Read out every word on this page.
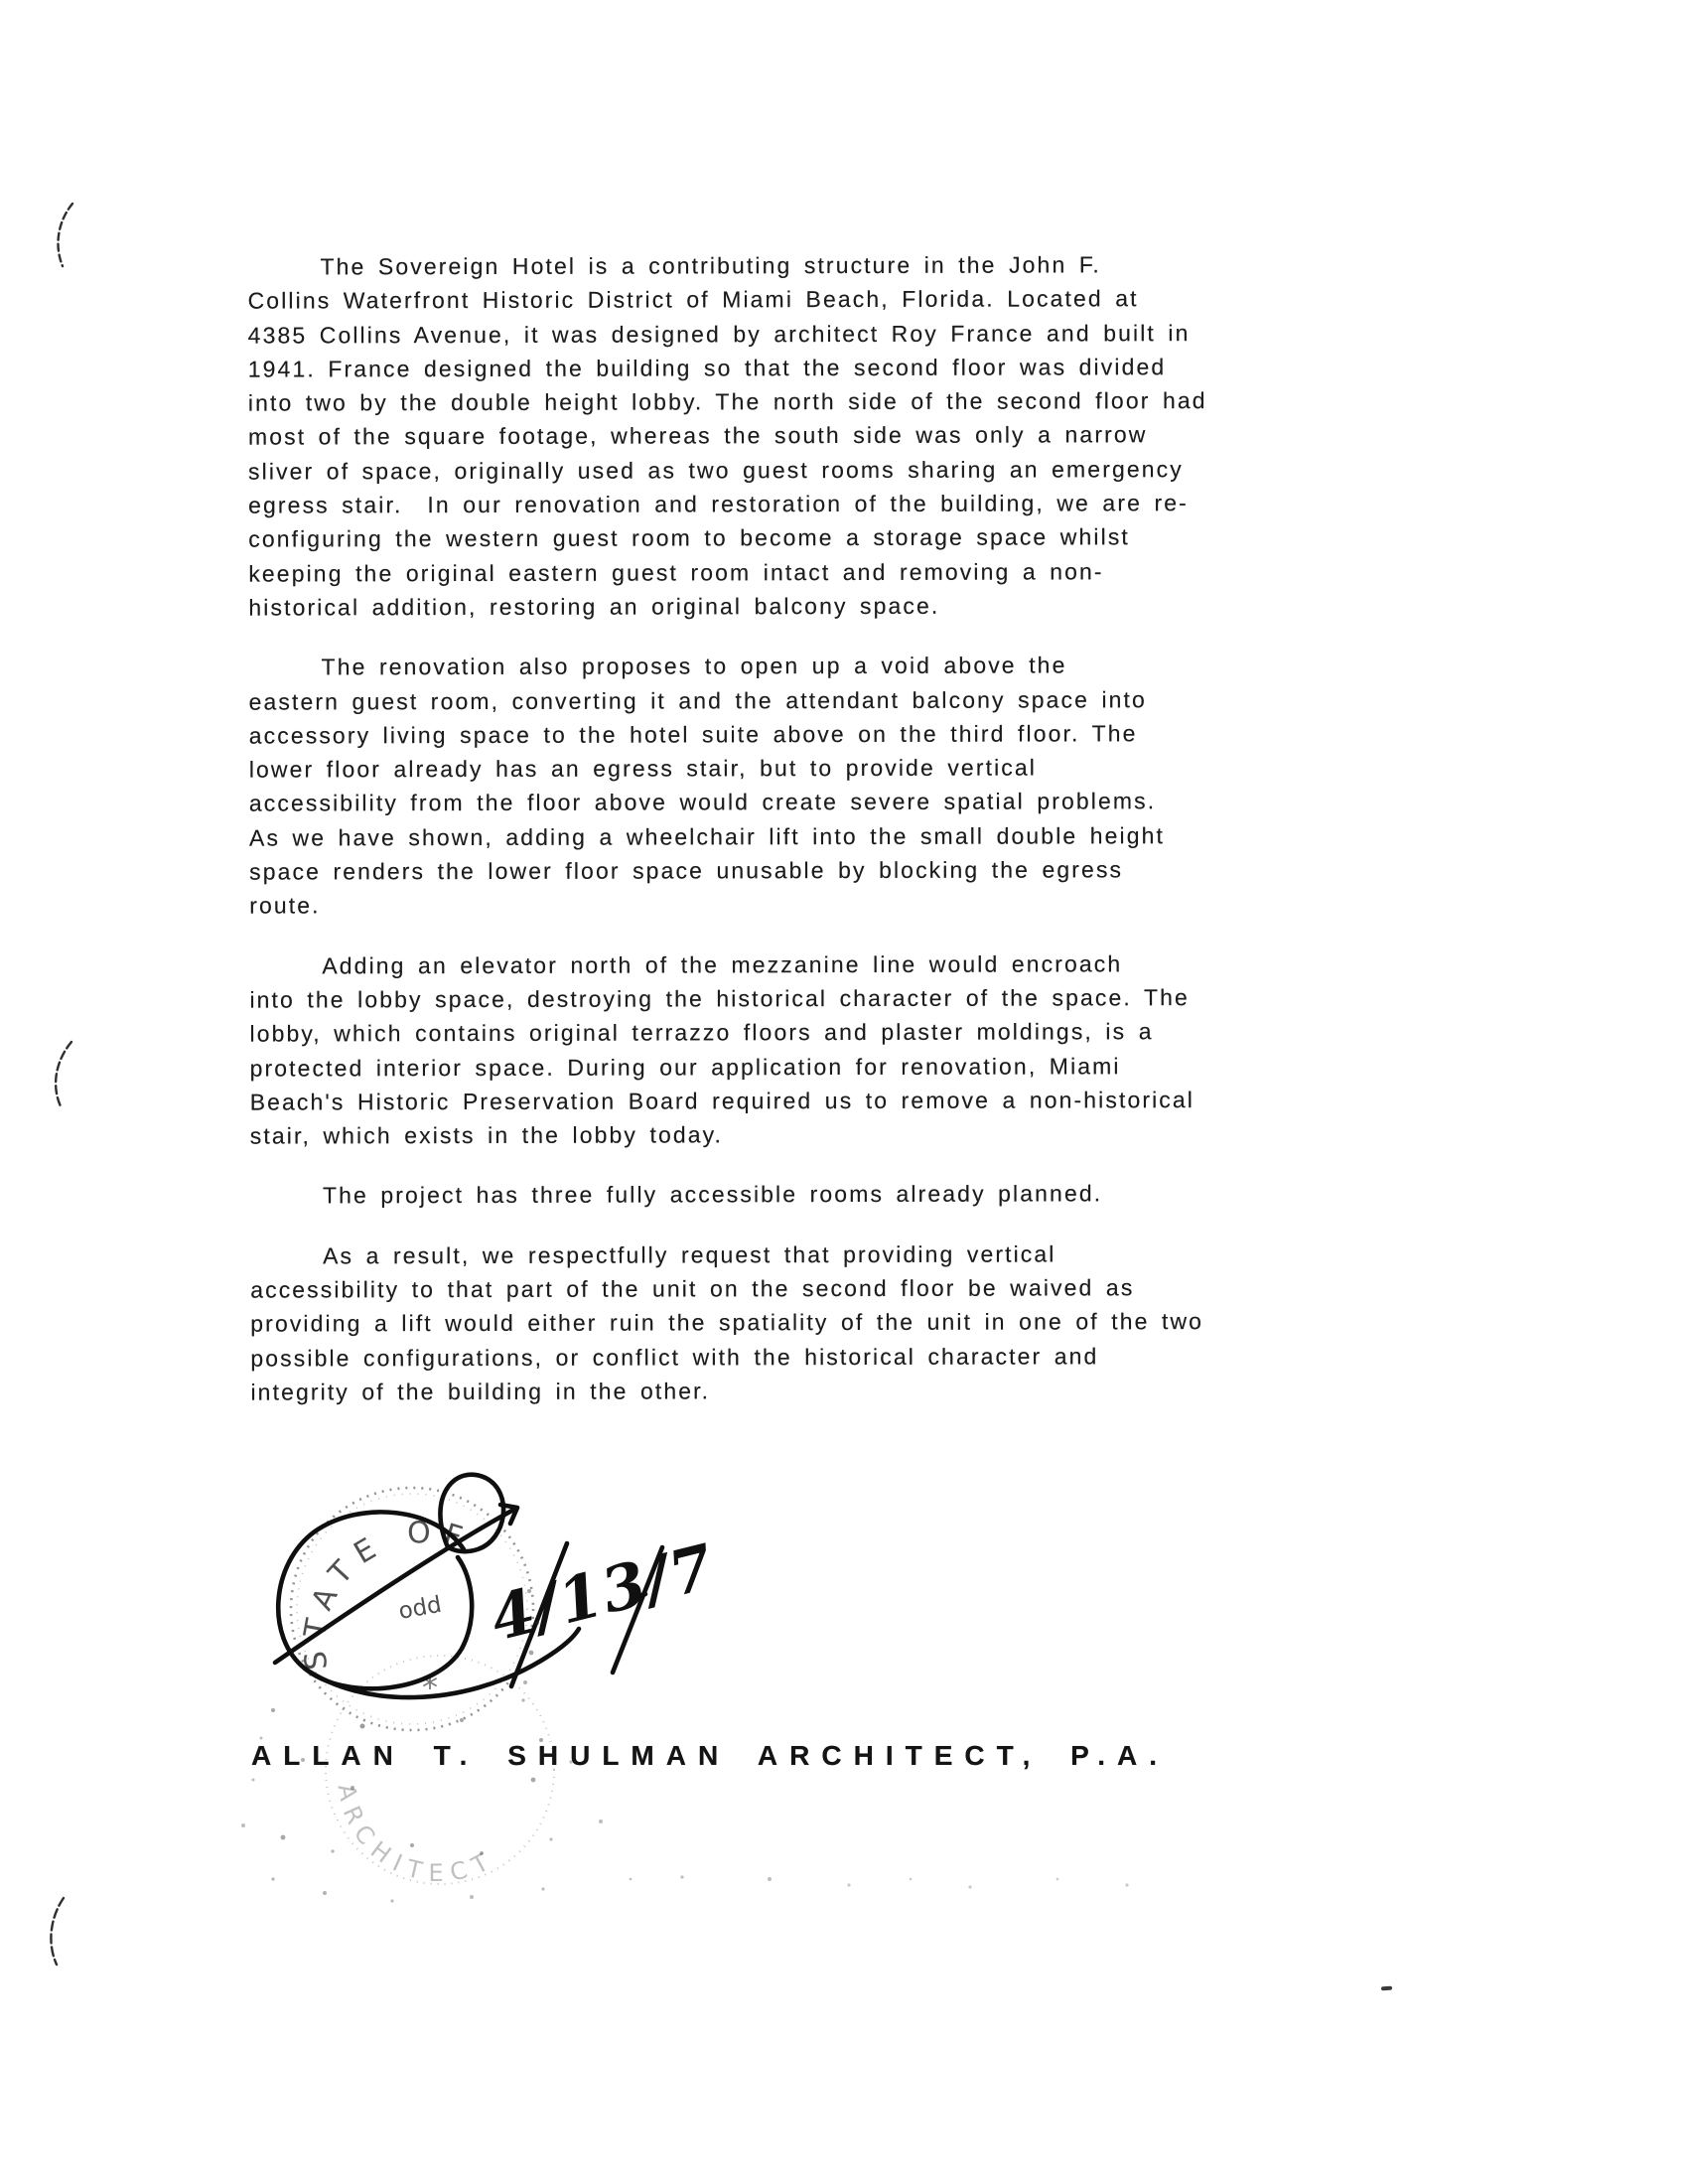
The Sovereign Hotel is a contributing structure in the John F.
Collins Waterfront Historic District of Miami Beach, Florida. Located at
4385 Collins Avenue, it was designed by architect Roy France and built in
1941. France designed the building so that the second floor was divided
into two by the double height lobby. The north side of the second floor had
most of the square footage, whereas the south side was only a narrow
sliver of space, originally used as two guest rooms sharing an emergency
egress stair.  In our renovation and restoration of the building, we are re-
configuring the western guest room to become a storage space whilst
keeping the original eastern guest room intact and removing a non-
historical addition, restoring an original balcony space.
The renovation also proposes to open up a void above the
eastern guest room, converting it and the attendant balcony space into
accessory living space to the hotel suite above on the third floor. The
lower floor already has an egress stair, but to provide vertical
accessibility from the floor above would create severe spatial problems.
As we have shown, adding a wheelchair lift into the small double height
space renders the lower floor space unusable by blocking the egress
route.
Adding an elevator north of the mezzanine line would encroach
into the lobby space, destroying the historical character of the space. The
lobby, which contains original terrazzo floors and plaster moldings, is a
protected interior space. During our application for renovation, Miami
Beach's Historic Preservation Board required us to remove a non-historical
stair, which exists in the lobby today.
The project has three fully accessible rooms already planned.
As a result, we respectfully request that providing vertical
accessibility to that part of the unit on the second floor be waived as
providing a lift would either ruin the spatiality of the unit in one of the two
possible configurations, or conflict with the historical character and
integrity of the building in the other.
STATE OF
odd
*
ARCHITECT
4/13/7
ALLAN T. SHULMAN ARCHITECT, P.A.
